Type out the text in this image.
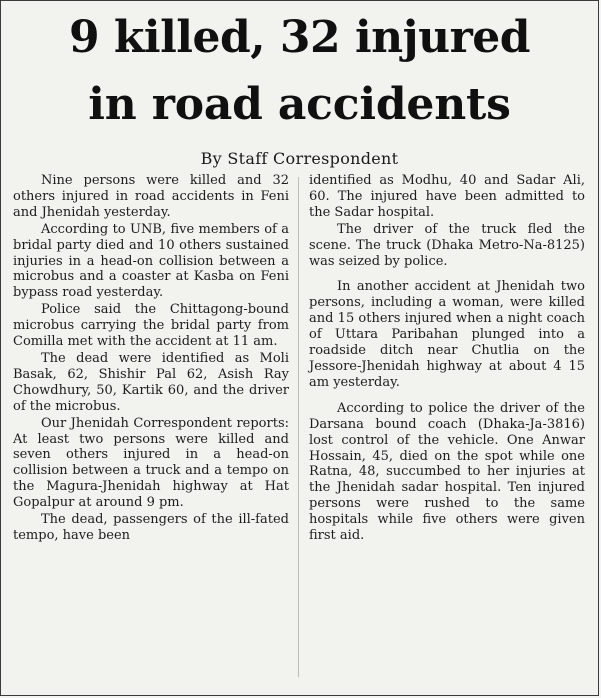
9 killed, 32 injured
in road accidents
By Staff Correspondent

Nine persons were killed and 32 others injured in road accidents in Feni and Jhenidah yesterday.

According to UNB, five members of a bridal party died and 10 others sustained injuries in a head-on collision between a microbus and a coaster at Kasba on Feni bypass road yesterday.

Police said the Chittagong-bound microbus carrying the bridal party from Comilla met with the accident at 11 am.

The dead were identified as Moli Basak, 62, Shishir Pal 62, Asish Ray Chowdhury, 50, Kartik 60, and the driver of the microbus.

Our Jhenidah Correspondent reports: At least two persons were killed and seven others injured in a head-on collision between a truck and a tempo on the Magura-Jhenidah highway at Hat Gopalpur at around 9 pm.

The dead, passengers of the ill-fated tempo, have been

identified as Modhu, 40 and Sadar Ali, 60. The injured have been admitted to the Sadar hospital.

The driver of the truck fled the scene. The truck (Dhaka Metro-Na-8125) was seized by police.

In another accident at Jhenidah two persons, including a woman, were killed and 15 others injured when a night coach of Uttara Paribahan plunged into a roadside ditch near Chutlia on the Jessore-Jhenidah highway at about 4 15 am yesterday.

According to police the driver of the Darsana bound coach (Dhaka-Ja-3816) lost control of the vehicle. One Anwar Hossain, 45, died on the spot while one Ratna, 48, succumbed to her injuries at the Jhenidah sadar hospital. Ten injured persons were rushed to the same hospitals while five others were given first aid.
